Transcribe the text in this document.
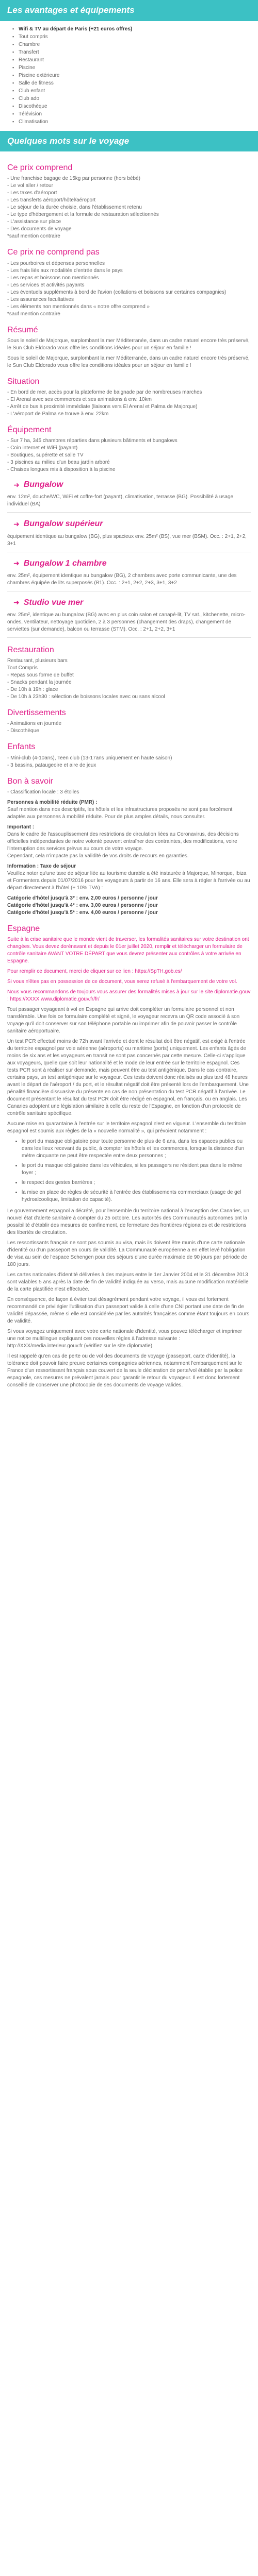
Les avantages et équipements
▪ Wifi & TV au départ de Paris (+21 euros offres)
▪ Tout compris
▪ Chambre
▪ Transfert
▪ Restaurant
▪ Piscine
▪ Piscine extérieure
▪ Salle de fitness
▪ Club enfant
▪ Club ado
▪ Discothèque
▪ Télévision
▪ Climatisation
Quelques mots sur le voyage
Ce prix comprend
- Une franchise bagage de 15kg par personne (hors bébé)
- Le vol aller / retour
- Les taxes d'aéroport
- Les transferts aéroport/hôtel/aéroport
- Le séjour de la durée choisie, dans l'établissement retenu
- Le type d'hébergement et la formule de restauration sélectionnés
- L'assistance sur place
- Des documents de voyage
*sauf mention contraire
Ce prix ne comprend pas
- Les pourboires et dépenses personnelles
- Les frais liés aux modalités d'entrée dans le pays
- Les repas et boissons non mentionnés
- Les services et activités payants
- Les éventuels suppléments à bord de l'avion (collations et boissons sur certaines compagnies)
- Les assurances facultatives
- Les éléments non mentionnés dans « notre offre comprend »
*sauf mention contraire
Résumé

Sous le soleil de Majorque, surplombant la mer Méditerranée, dans un cadre naturel encore très préservé, le Sun Club Eldorado vous offre les conditions idéales pour un séjour en famille !

Sous le soleil de Majorque, surplombant la mer Méditerranée, dans un cadre naturel encore très préservé, le Sun Club Eldorado vous offre les conditions idéales pour un séjour en famille !

Situation
- En bord de mer, accès pour la plateforme de baignade par de nombreuses marches
- El Arenal avec ses commerces et ses animations à env. 10km
- Arrêt de bus à proximité immédiate (liaisons vers El Arenal et Palma de Majorque)
- L'aéroport de Palma se trouve à env. 22km
Équipement
- Sur 7 ha, 345 chambres réparties dans plusieurs bâtiments et bungalows
- Coin internet et WiFi (payant)
- Boutiques, supérette et salle TV
- 3 piscines au milieu d'un beau jardin arboré
- Chaises longues mis à disposition à la piscine
➜ Bungalow

env. 12m², douche/WC, WiFi et coffre-fort (payant), climatisation, terrasse (BG). Possibilité à usage individuel (BA)

➜ Bungalow supérieur

équipement identique au bungalow (BG), plus spacieux env. 25m² (BS), vue mer (BSM). Occ. : 2+1, 2+2, 3+1

➜ Bungalow 1 chambre

env. 25m², équipement identique au bungalow (BG), 2 chambres avec porte communicante, une des chambres équipée de lits superposés (B1). Occ. : 2+1, 2+2, 2+3, 3+1, 3+2

➜ Studio vue mer

env. 25m², identique au bungalow (BG) avec en plus coin salon et canapé-lit, TV sat., kitchenette, micro-ondes, ventilateur, nettoyage quotidien, 2 à 3 personnes (changement des draps), changement de serviettes (sur demande), balcon ou terrasse (STM). Occ. : 2+1, 2+2, 3+1

Restauration
Restaurant, plusieurs bars
Tout Compris
- Repas sous forme de buffet
- Snacks pendant la journée
- De 10h à 19h : glace
- De 10h à 23h30 : sélection de boissons locales avec ou sans alcool
Divertissements
- Animations en journée
- Discothèque
Enfants
- Mini-club (4-10ans), Teen club (13-17ans uniquement en haute saison)
- 3 bassins, pataugeoire et aire de jeux
Bon à savoir
- Classification locale : 3 étoiles

Personnes à mobilité réduite (PMR) :
Sauf mention dans nos descriptifs, les hôtels et les infrastructures proposés ne sont pas forcément adaptés aux personnes à mobilité réduite. Pour de plus amples détails, nous consulter.

Important :
Dans le cadre de l'assouplissement des restrictions de circulation liées au Coronavirus, des décisions officielles indépendantes de notre volonté peuvent entraîner des contraintes, des modifications, voire l'interruption des services prévus au cours de votre voyage.
Cependant, cela n'impacte pas la validité de vos droits de recours en garanties.

Information : Taxe de séjour
Veuillez noter qu'une taxe de séjour liée au tourisme durable a été instaurée à Majorque, Minorque, Ibiza et Formentera depuis 01/07/2016 pour les voyageurs à partir de 16 ans. Elle sera à régler à l'arrivée ou au départ directement à l'hôtel (+ 10% TVA) :

Catégorie d'hôtel jusqu'à 3* : env. 2,00 euros / personne / jour
Catégorie d'hôtel jusqu'à 4* : env. 3,00 euros / personne / jour
Catégorie d'hôtel jusqu'à 5* : env. 4,00 euros / personne / jour
Espagne

Suite à la crise sanitaire que le monde vient de traverser, les formalités sanitaires sur votre destination ont changées. Vous devez dorénavant et depuis le 01er juillet 2020, remplir et télécharger un formulaire de contrôle sanitaire AVANT VOTRE DÉPART que vous devrez présenter aux contrôles à votre arrivée en Espagne.

Pour remplir ce document, merci de cliquer sur ce lien : https://SpTH.gob.es/

Si vous n'êtes pas en possession de ce document, vous serez refusé à l'embarquement de votre vol.

Nous vous recommandons de toujours vous assurer des formalités mises à jour sur le site diplomatie.gouv : https://XXXX www.diplomatie.gouv.fr/fr/

Tout passager voyageant à vol en Espagne qui arrive doit compléter un formulaire personnel et non transférable. Une fois ce formulaire complété et signé, le voyageur recevra un QR code associé à son voyage qu'il doit conserver sur son téléphone portable ou imprimer afin de pouvoir passer le contrôle sanitaire aéroportuaire.

Un test PCR effectué moins de 72h avant l'arrivée et dont le résultat doit être négatif, est exigé à l'entrée du territoire espagnol par voie aérienne (aéroports) ou maritime (ports) uniquement. Les enfants âgés de moins de six ans et les voyageurs en transit ne sont pas concernés par cette mesure. Celle-ci s'applique aux voyageurs, quelle que soit leur nationalité et le mode de leur entrée sur le territoire espagnol. Ces tests PCR sont à réaliser sur demande, mais peuvent être au test antigénique. Dans le cas contraire, certains pays, un test antigénique sur le voyageur. Ces tests doivent donc réalisés au plus tard 48 heures avant le départ de l'aéroport / du port, et le résultat négatif doit être présenté lors de l'embarquement. Une pénalité financière dissuasive du présente en cas de non présentation du test PCR négatif à l'arrivée. Le document présentant le résultat du test PCR doit être rédigé en espagnol, en français, ou en anglais. Les Canaries adoptent une législation similaire à celle du reste de l'Espagne, en fonction d'un protocole de contrôle sanitaire spécifique.

Aucune mise en quarantaine à l'entrée sur le territoire espagnol n'est en vigueur. L'ensemble du territoire espagnol est soumis aux règles de la « nouvelle normalité », qui prévoient notamment :

• le port du masque obligatoire pour toute personne de plus de 6 ans, dans les espaces publics ou dans les lieux recevant du public, à compter les hôtels et les commerces, lorsque la distance d'un mètre cinquante ne peut être respectée entre deux personnes ;
• le port du masque obligatoire dans les véhicules, si les passagers ne résident pas dans le même foyer ;
• le respect des gestes barrières ;
• la mise en place de règles de sécurité à l'entrée des établissements commerciaux (usage de gel hydroalcoolique, limitation de capacité).

Le gouvernement espagnol a décrété, pour l'ensemble du territoire national à l'exception des Canaries, un nouvel état d'alerte sanitaire à compter du 25 octobre. Les autorités des Communautés autonomes ont la possibilité d'établir des mesures de confinement, de fermeture des frontières régionales et de restrictions des libertés de circulation.

Les ressortissants français ne sont pas soumis au visa, mais ils doivent être munis d'une carte nationale d'identité ou d'un passeport en cours de validité. La Communauté européenne a en effet levé l'obligation de visa au sein de l'espace Schengen pour des séjours d'une durée maximale de 90 jours par période de 180 jours.

Les cartes nationales d'identité délivrées à des majeurs entre le 1er Janvier 2004 et le 31 décembre 2013 sont valables 5 ans après la date de fin de validité indiquée au verso, mais aucune modification matérielle de la carte plastifiée n'est effectuée.

En conséquence, de façon à éviter tout désagrément pendant votre voyage, il vous est fortement recommandé de privilégier l'utilisation d'un passeport valide à celle d'une CNI portant une date de fin de validité dépassée, même si elle est considérée par les autorités françaises comme étant toujours en cours de validité.

Si vous voyagez uniquement avec votre carte nationale d'identité, vous pouvez télécharger et imprimer une notice multilingue expliquant ces nouvelles règles à l'adresse suivante : http://XXX/media.interieur.gouv.fr (vérifiez sur le site diplomatie).

Il est rappelé qu'en cas de perte ou de vol des documents de voyage (passeport, carte d'identité), la tolérance doit pouvoir faire preuve certaines compagnies aériennes, notamment l'embarquement sur le France d'un ressortissant français sous couvert de la seule déclaration de perte/vol établie par la police espagnole, ces mesures ne prévalent jamais pour garantir le retour du voyageur. Il est donc fortement conseillé de conserver une photocopie de ses documents de voyage valides.
